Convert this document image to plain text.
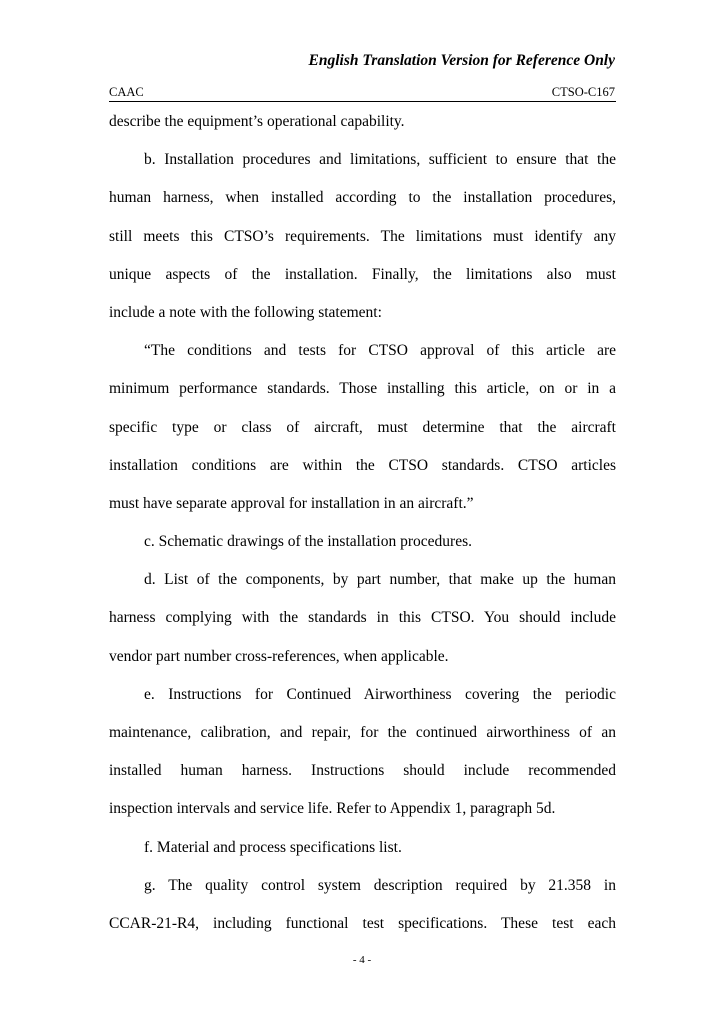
English Translation Version for Reference Only
CAAC	CTSO-C167
describe the equipment’s operational capability.
b. Installation procedures and limitations, sufficient to ensure that the
human harness, when installed according to the installation procedures,
still meets this CTSO’s requirements. The limitations must identify any
unique aspects of the installation. Finally, the limitations also must
include a note with the following statement:
“The conditions and tests for CTSO approval of this article are
minimum performance standards. Those installing this article, on or in a
specific type or class of aircraft, must determine that the aircraft
installation conditions are within the CTSO standards. CTSO articles
must have separate approval for installation in an aircraft.”
c. Schematic drawings of the installation procedures.
d. List of the components, by part number, that make up the human
harness complying with the standards in this CTSO. You should include
vendor part number cross-references, when applicable.
e. Instructions for Continued Airworthiness covering the periodic
maintenance, calibration, and repair, for the continued airworthiness of an
installed human harness. Instructions should include recommended
inspection intervals and service life. Refer to Appendix 1, paragraph 5d.
f. Material and process specifications list.
g. The quality control system description required by 21.358 in
CCAR-21-R4, including functional test specifications. These test each
- 4 -
